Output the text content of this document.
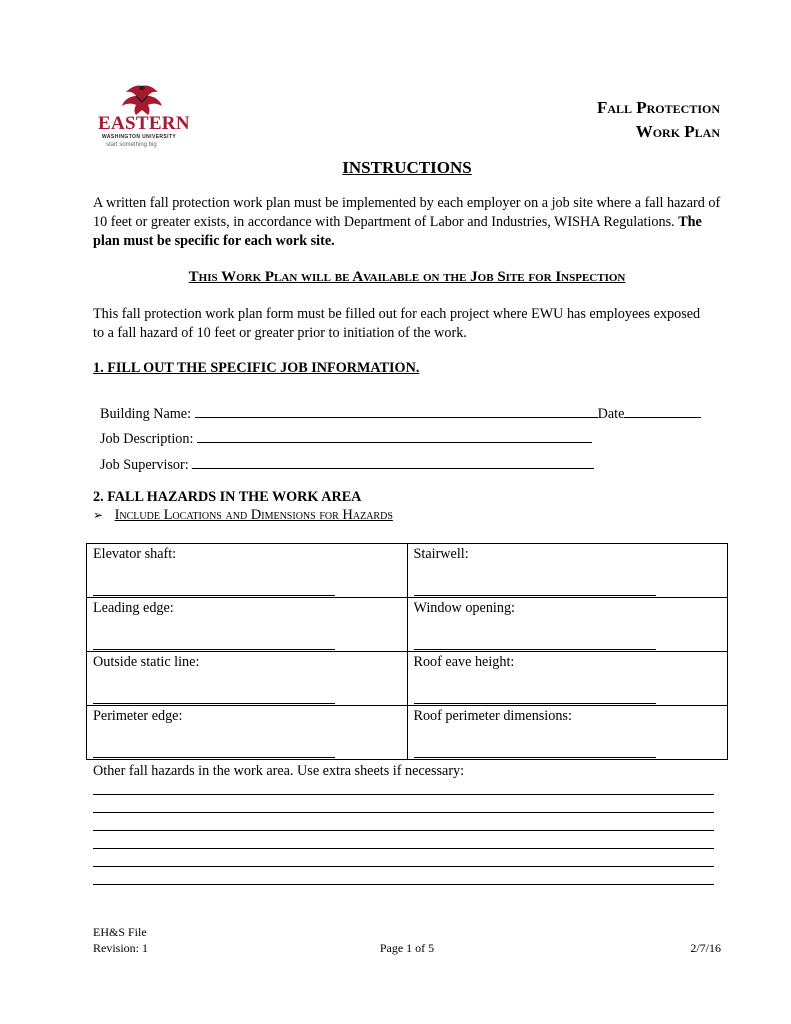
EASTERN
WASHINGTON UNIVERSITY
start something big
Fall Protection
Work Plan
INSTRUCTIONS
A written fall protection work plan must be implemented by each employer on a job site where a fall hazard of 10 feet or greater exists, in accordance with Department of Labor and Industries, WISHA Regulations. The plan must be specific for each work site.
This Work Plan will be Available on the Job Site for Inspection
This fall protection work plan form must be filled out for each project where EWU has employees exposed to a fall hazard of 10 feet or greater prior to initiation of the work.
1. FILL OUT THE SPECIFIC JOB INFORMATION.
Building Name:	Date
Job Description:
Job Supervisor:
2. FALL HAZARDS IN THE WORK AREA
➢ Include Locations and Dimensions for Hazards
Elevator shaft:	Stairwell:

Leading edge:	Window opening:

Outside static line:	Roof eave height:

Perimeter edge:	Roof perimeter dimensions:
Other fall hazards in the work area. Use extra sheets if necessary:
EH&S File
Revision: 1	Page 1 of 5	2/7/16
